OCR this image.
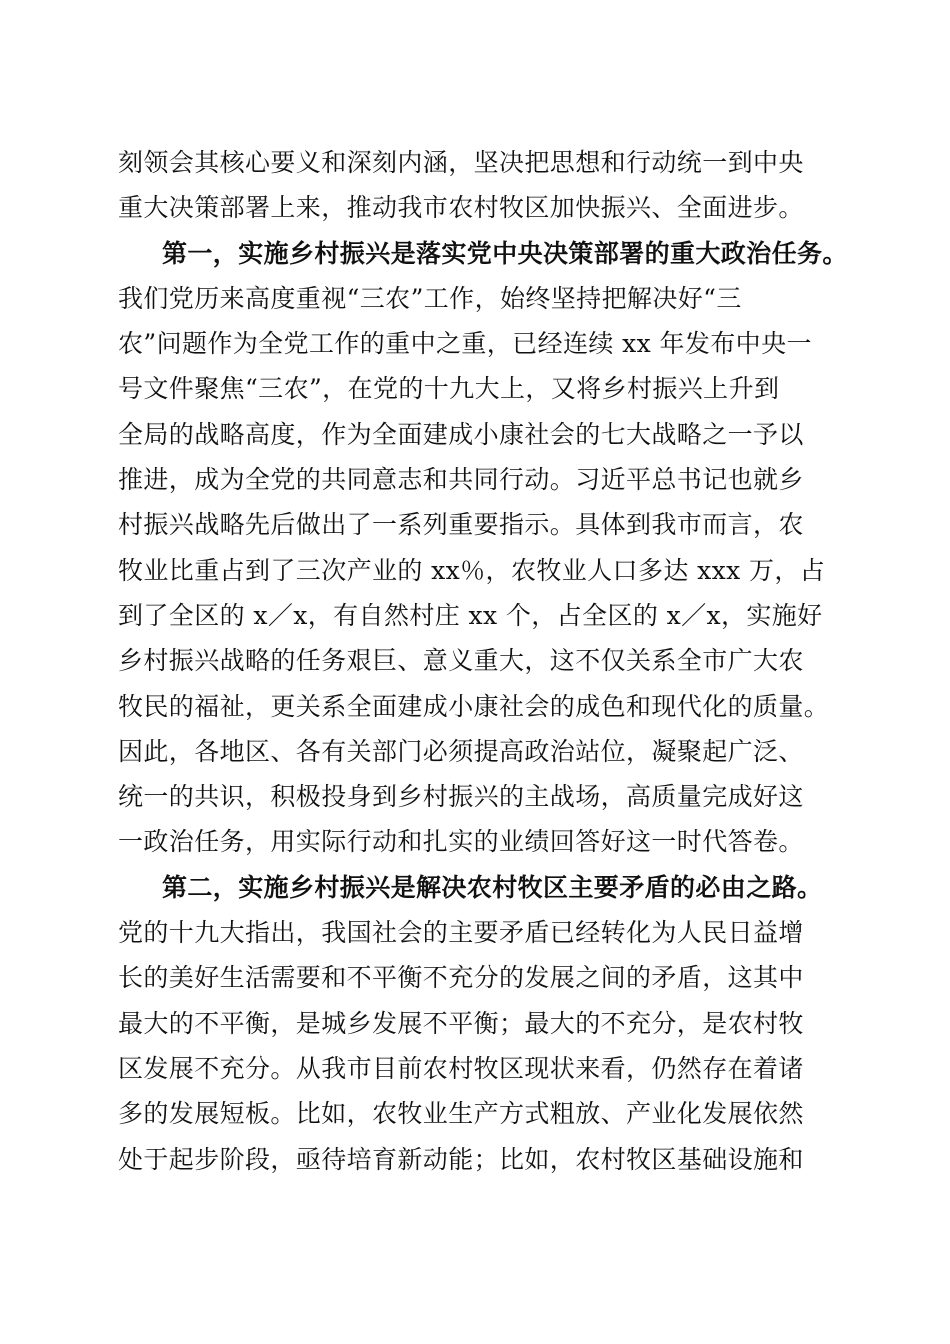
刻领会其核心要义和深刻内涵，坚决把思想和行动统一到中央
重大决策部署上来，推动我市农村牧区加快振兴、全面进步。
第一，实施乡村振兴是落实党中央决策部署的重大政治任务。
我们党历来高度重视“三农”工作，始终坚持把解决好“三
农”问题作为全党工作的重中之重，已经连续 xx 年发布中央一
号文件聚焦“三农”，在党的十九大上，又将乡村振兴上升到
全局的战略高度，作为全面建成小康社会的七大战略之一予以
推进，成为全党的共同意志和共同行动。习近平总书记也就乡
村振兴战略先后做出了一系列重要指示。具体到我市而言，农
牧业比重占到了三次产业的 xx％，农牧业人口多达 xxx 万，占
到了全区的 x／x，有自然村庄 xx 个，占全区的 x／x，实施好
乡村振兴战略的任务艰巨、意义重大，这不仅关系全市广大农
牧民的福祉，更关系全面建成小康社会的成色和现代化的质量。
因此，各地区、各有关部门必须提高政治站位，凝聚起广泛、
统一的共识，积极投身到乡村振兴的主战场，高质量完成好这
一政治任务，用实际行动和扎实的业绩回答好这一时代答卷。
第二，实施乡村振兴是解决农村牧区主要矛盾的必由之路。
党的十九大指出，我国社会的主要矛盾已经转化为人民日益增
长的美好生活需要和不平衡不充分的发展之间的矛盾，这其中
最大的不平衡，是城乡发展不平衡；最大的不充分，是农村牧
区发展不充分。从我市目前农村牧区现状来看，仍然存在着诸
多的发展短板。比如，农牧业生产方式粗放、产业化发展依然
处于起步阶段，亟待培育新动能；比如，农村牧区基础设施和
